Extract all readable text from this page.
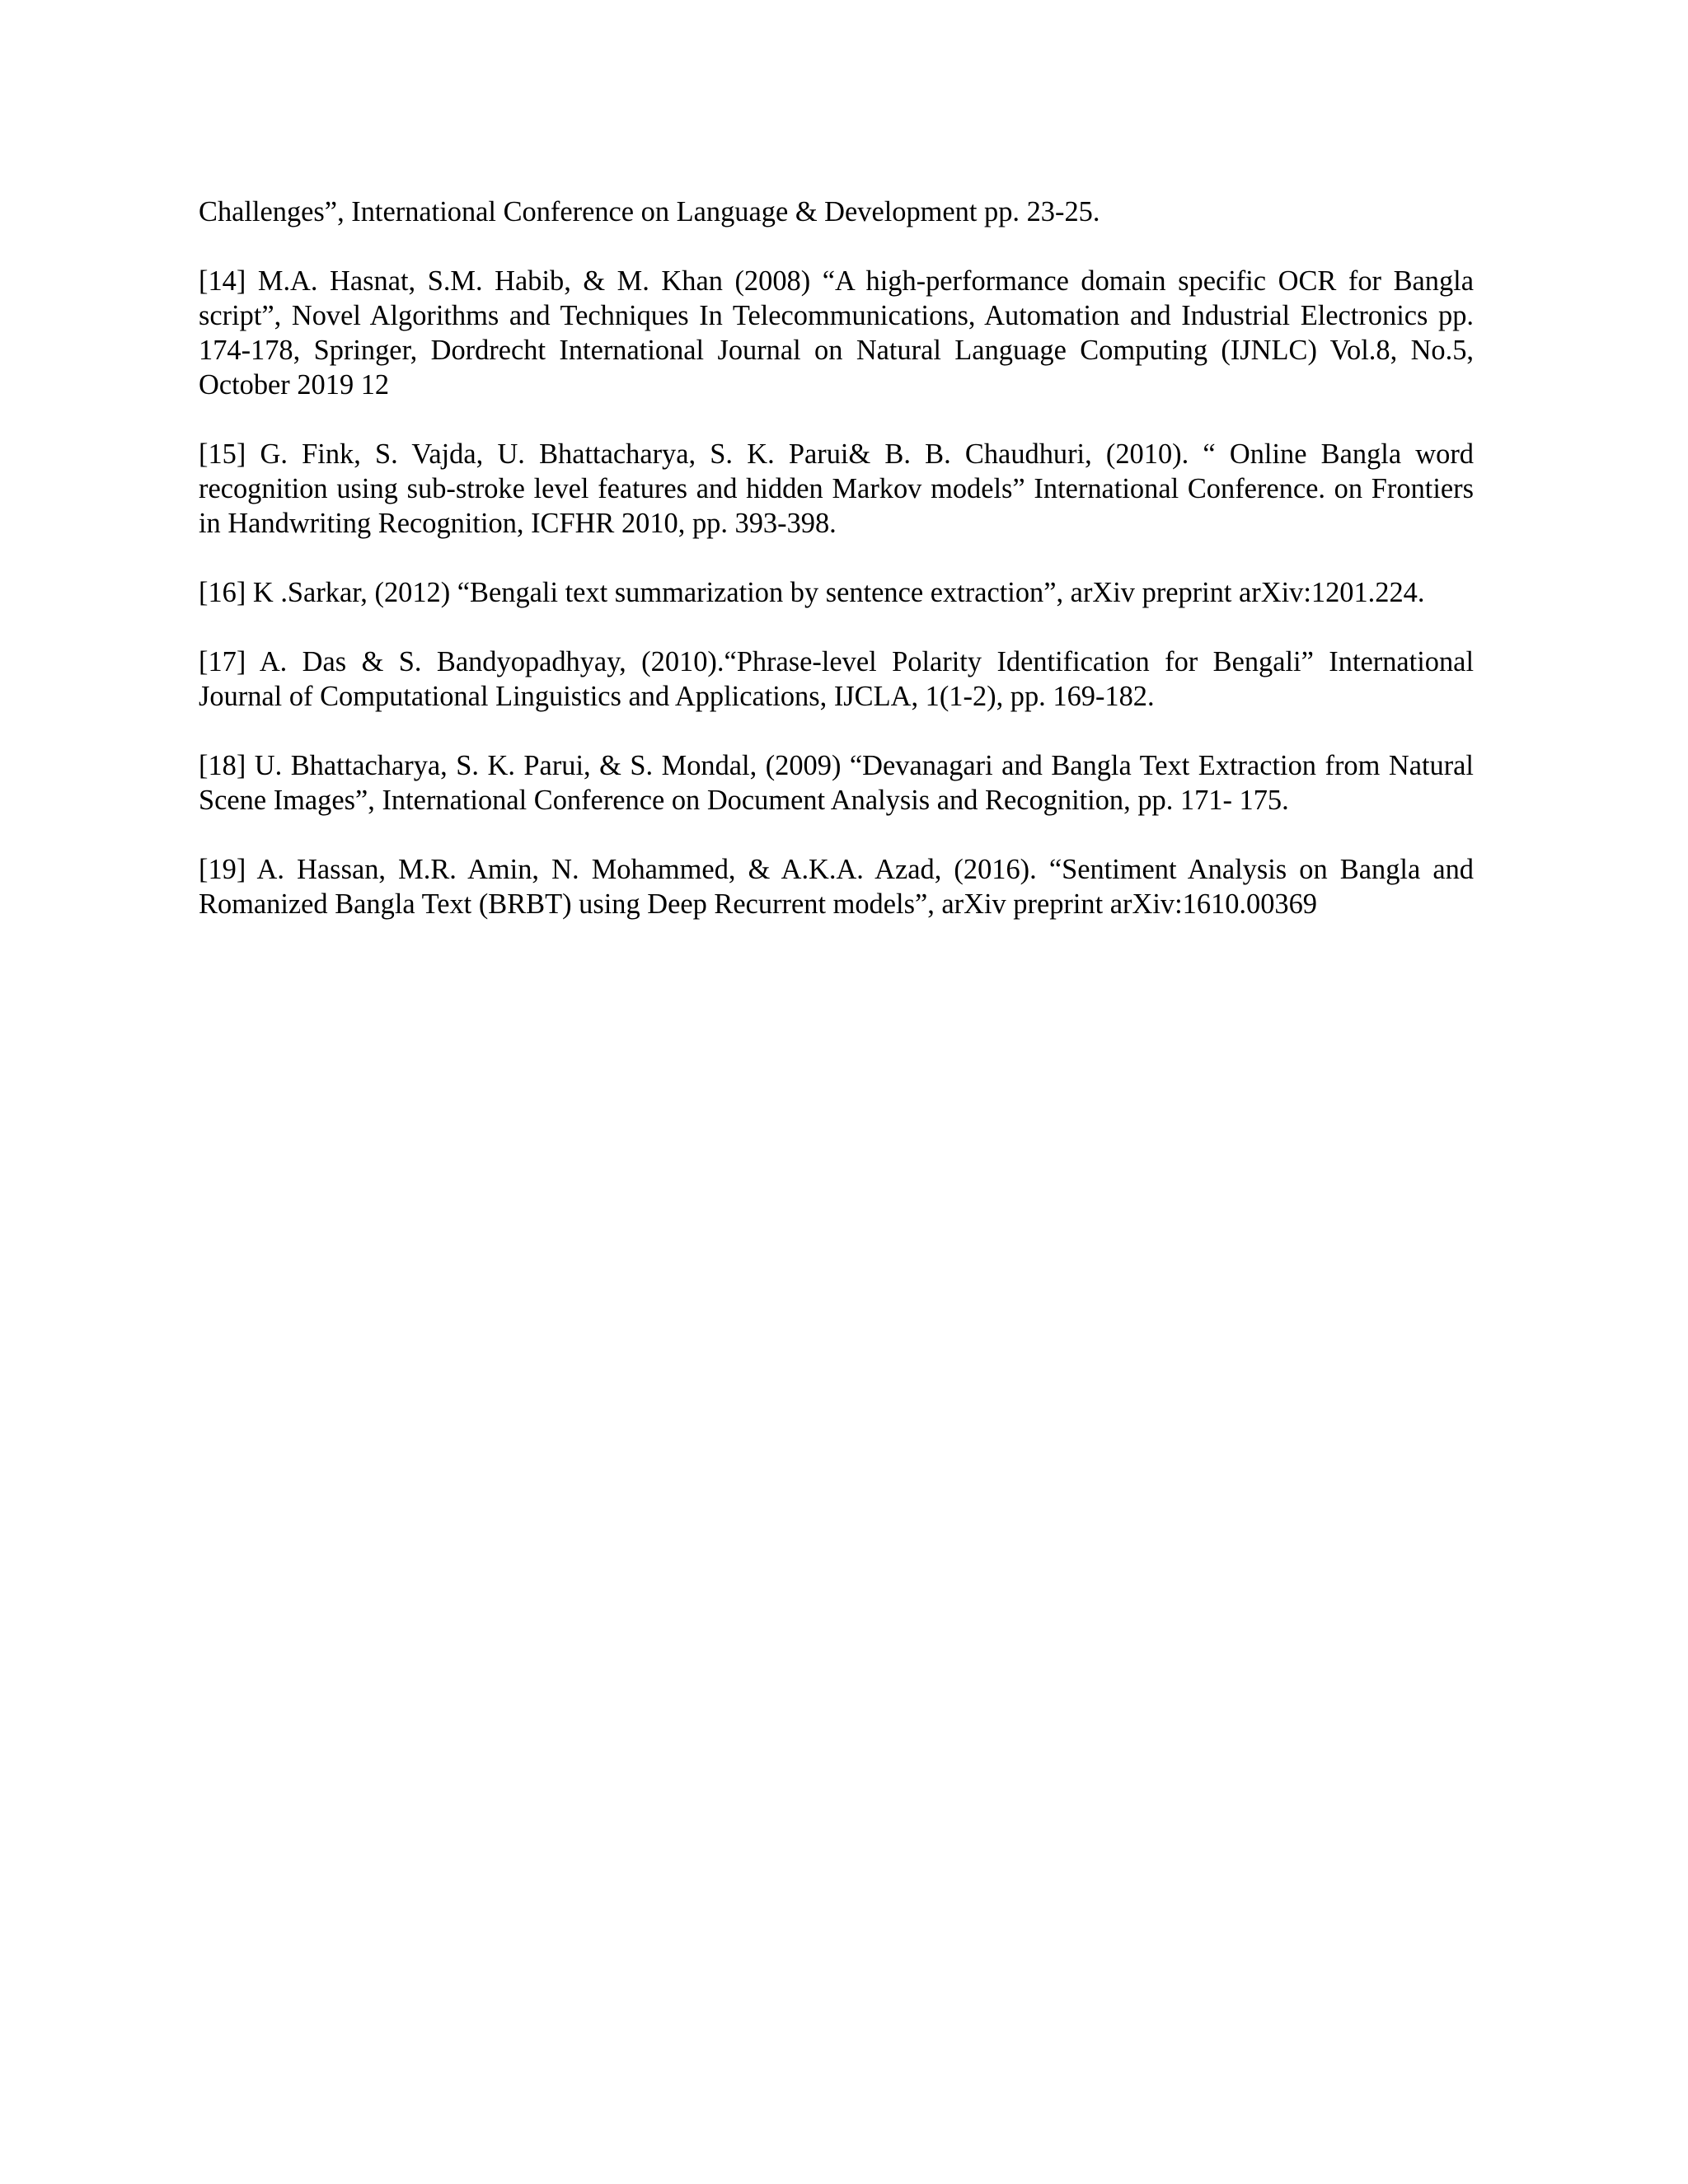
Challenges”, International Conference on Language & Development pp. 23-25.

[14] M.A. Hasnat, S.M. Habib, & M. Khan (2008) “A high-performance domain specific OCR for Bangla script”, Novel Algorithms and Techniques In Telecommunications, Automation and Industrial Electronics pp. 174-178, Springer, Dordrecht International Journal on Natural Language Computing (IJNLC) Vol.8, No.5, October 2019 12

[15] G. Fink, S. Vajda, U. Bhattacharya, S. K. Parui& B. B. Chaudhuri, (2010). “ Online Bangla word recognition using sub-stroke level features and hidden Markov models” International Conference. on Frontiers in Handwriting Recognition, ICFHR 2010, pp. 393-398.

[16] K .Sarkar, (2012) “Bengali text summarization by sentence extraction”, arXiv preprint arXiv:1201.224.

[17] A. Das & S. Bandyopadhyay, (2010).“Phrase-level Polarity Identification for Bengali” International Journal of Computational Linguistics and Applications, IJCLA, 1(1-2), pp. 169-182.

[18] U. Bhattacharya, S. K. Parui, & S. Mondal, (2009) “Devanagari and Bangla Text Extraction from Natural Scene Images”, International Conference on Document Analysis and Recognition, pp. 171- 175.

[19] A. Hassan, M.R. Amin, N. Mohammed, & A.K.A. Azad, (2016). “Sentiment Analysis on Bangla and Romanized Bangla Text (BRBT) using Deep Recurrent models”, arXiv preprint arXiv:1610.00369
